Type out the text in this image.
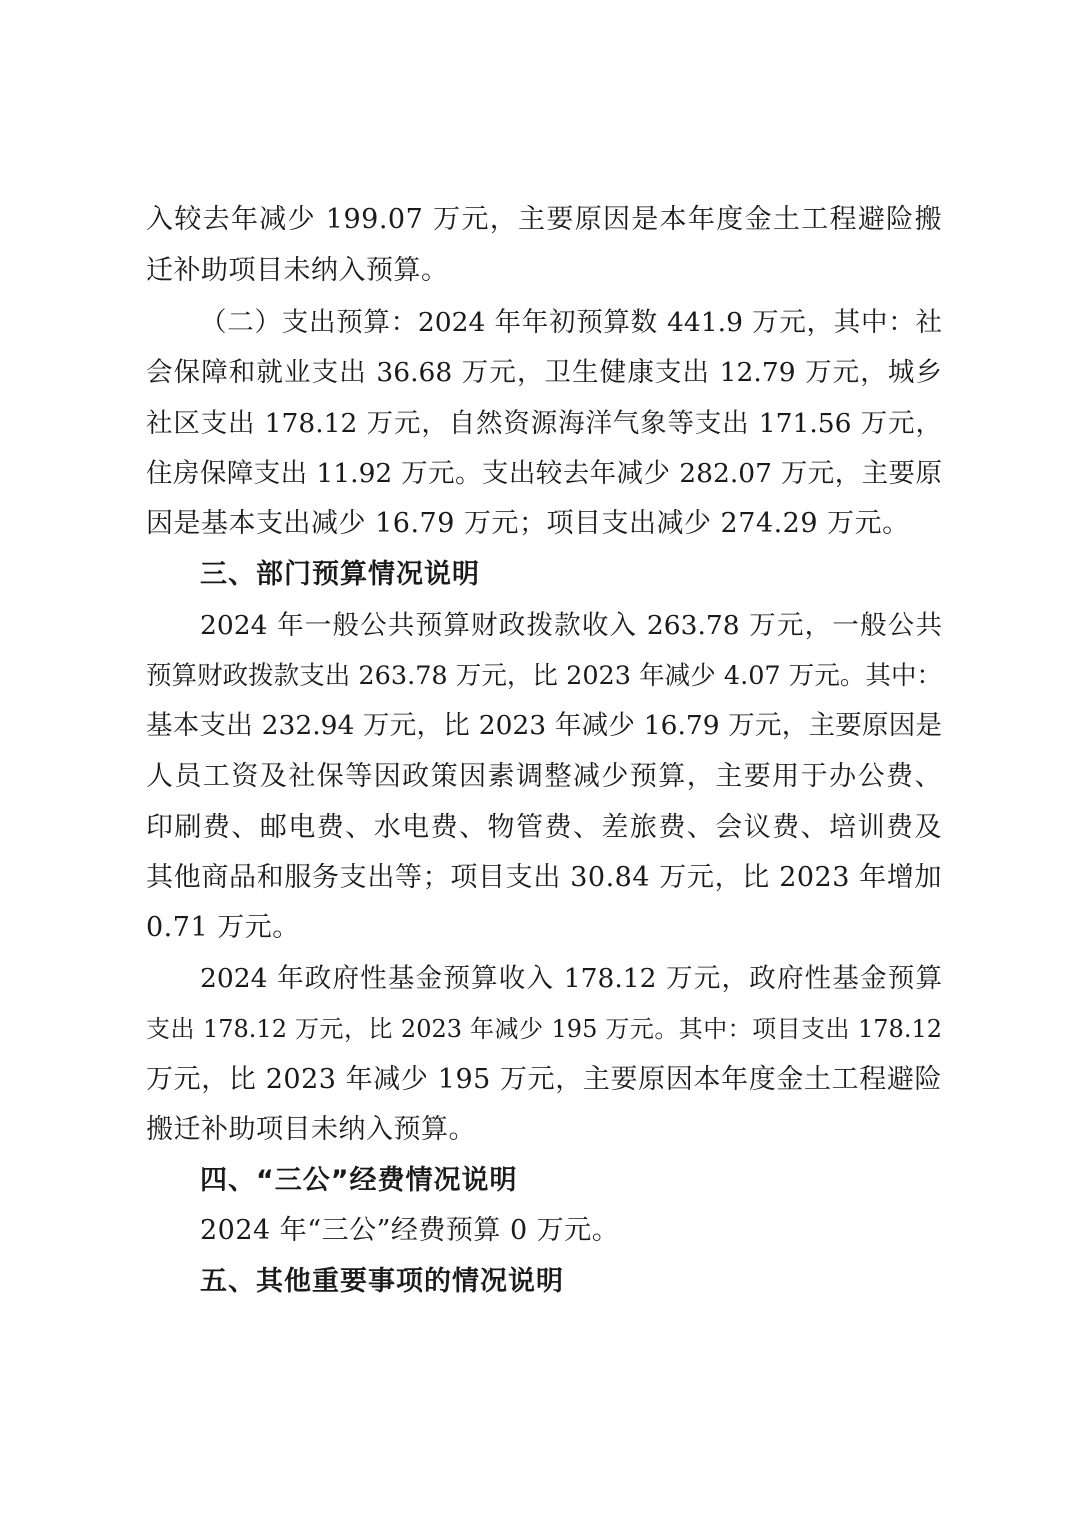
入较去年减少 199.07 万元，主要原因是本年度金土工程避险搬
迁补助项目未纳入预算。
（二）支出预算：2024 年年初预算数 441.9 万元，其中：社
会保障和就业支出 36.68 万元，卫生健康支出 12.79 万元，城乡
社区支出 178.12 万元，自然资源海洋气象等支出 171.56 万元，
住房保障支出 11.92 万元。支出较去年减少 282.07 万元，主要原
因是基本支出减少 16.79 万元；项目支出减少 274.29 万元。
三、部门预算情况说明
2024 年一般公共预算财政拨款收入 263.78 万元，一般公共
预算财政拨款支出 263.78 万元，比 2023 年减少 4.07 万元。其中：
基本支出 232.94 万元，比 2023 年减少 16.79 万元，主要原因是
人员工资及社保等因政策因素调整减少预算，主要用于办公费、
印刷费、邮电费、水电费、物管费、差旅费、会议费、培训费及
其他商品和服务支出等；项目支出 30.84 万元，比 2023 年增加
0.71 万元。
2024 年政府性基金预算收入 178.12 万元，政府性基金预算
支出 178.12 万元，比 2023 年减少 195 万元。其中：项目支出 178.12
万元，比 2023 年减少 195 万元，主要原因本年度金土工程避险
搬迁补助项目未纳入预算。
四、“三公”经费情况说明
2024 年“三公”经费预算 0 万元。
五、其他重要事项的情况说明
